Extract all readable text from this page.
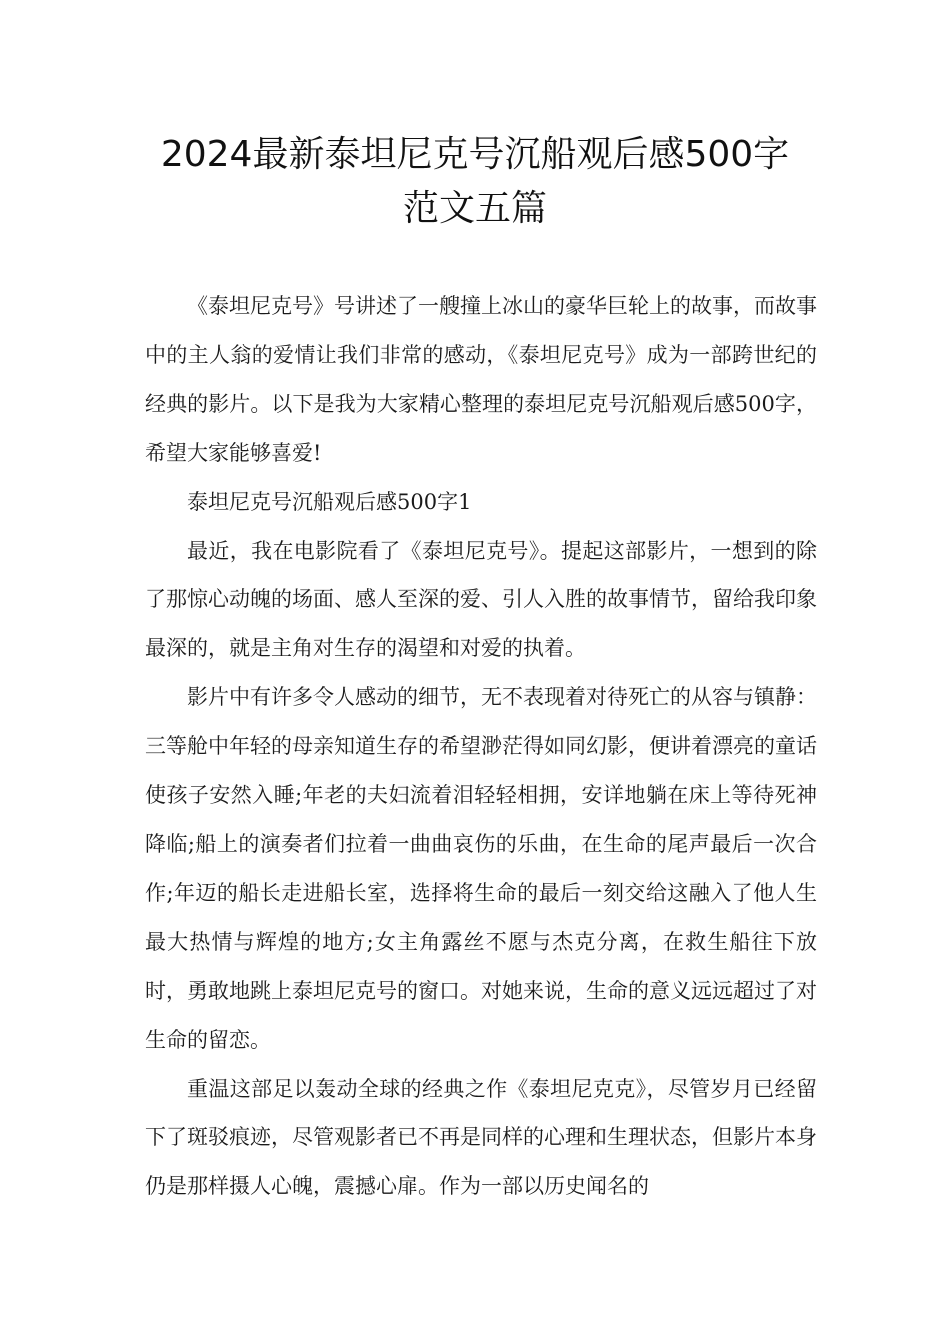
2024最新泰坦尼克号沉船观后感500字
范文五篇

《泰坦尼克号》号讲述了一艘撞上冰山的豪华巨轮上的故事，而故事中的主人翁的爱情让我们非常的感动，《泰坦尼克号》成为一部跨世纪的经典的影片。以下是我为大家精心整理的泰坦尼克号沉船观后感500字，希望大家能够喜爱!

泰坦尼克号沉船观后感500字1

最近，我在电影院看了《泰坦尼克号》。提起这部影片，一想到的除了那惊心动魄的场面、感人至深的爱、引人入胜的故事情节，留给我印象最深的，就是主角对生存的渴望和对爱的执着。

影片中有许多令人感动的细节，无不表现着对待死亡的从容与镇静：三等舱中年轻的母亲知道生存的希望渺茫得如同幻影，便讲着漂亮的童话使孩子安然入睡;年老的夫妇流着泪轻轻相拥，安详地躺在床上等待死神降临;船上的演奏者们拉着一曲曲哀伤的乐曲，在生命的尾声最后一次合作;年迈的船长走进船长室，选择将生命的最后一刻交给这融入了他人生最大热情与辉煌的地方;女主角露丝不愿与杰克分离，在救生船往下放时，勇敢地跳上泰坦尼克号的窗口。对她来说，生命的意义远远超过了对生命的留恋。

重温这部足以轰动全球的经典之作《泰坦尼克克》，尽管岁月已经留下了斑驳痕迹，尽管观影者已不再是同样的心理和生理状态，但影片本身仍是那样摄人心魄，震撼心扉。作为一部以历史闻名的
